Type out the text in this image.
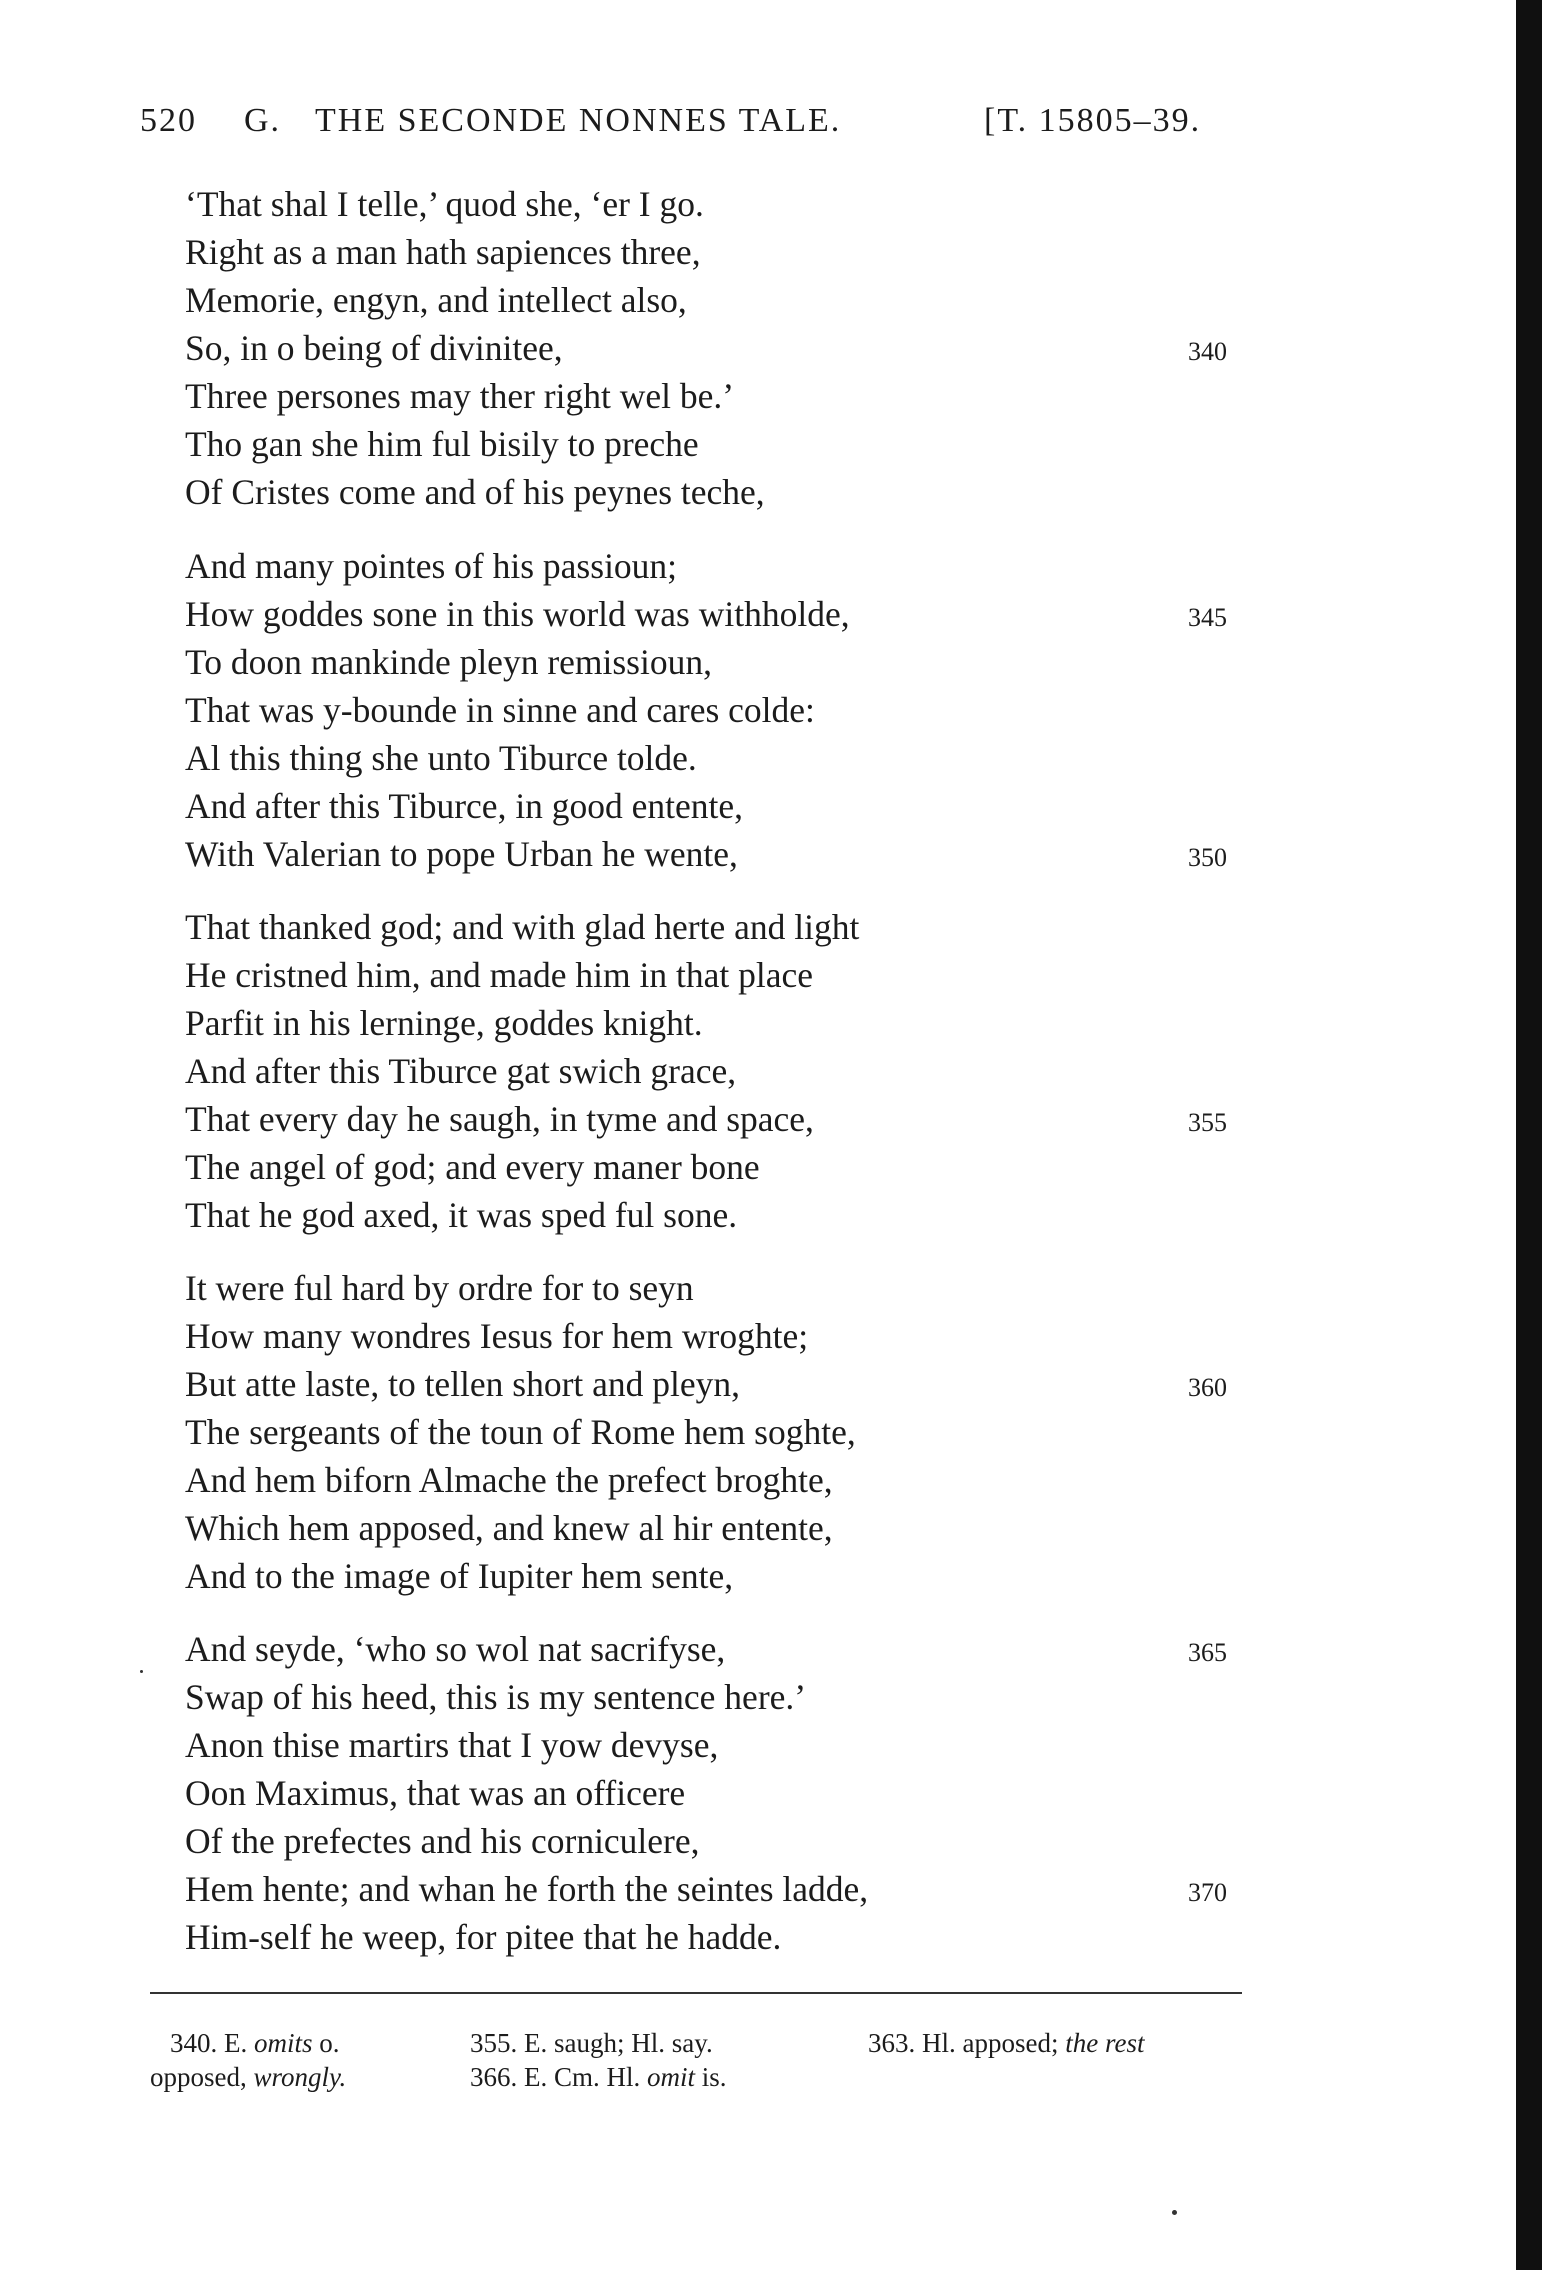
520 G. THE SECONDE NONNES TALE.	[T. 15805–39.
‘That shal I telle,’ quod she, ‘er I go.
Right as a man hath sapiences three,
Memorie, engyn, and intellect also,
So, in o being of divinitee,	340
Three persones may ther right wel be.’
Tho gan she him ful bisily to preche
Of Cristes come and of his peynes teche,
And many pointes of his passioun;
How goddes sone in this world was withholde,	345
To doon mankinde pleyn remissioun,
That was y-bounde in sinne and cares colde:
Al this thing she unto Tiburce tolde.
And after this Tiburce, in good entente,
With Valerian to pope Urban he wente,	350
That thanked god; and with glad herte and light
He cristned him, and made him in that place
Parfit in his lerninge, goddes knight.
And after this Tiburce gat swich grace,
That every day he saugh, in tyme and space,	355
The angel of god; and every maner bone
That he god axed, it was sped ful sone.
It were ful hard by ordre for to seyn
How many wondres Iesus for hem wroghte;
But atte laste, to tellen short and pleyn,	360
The sergeants of the toun of Rome hem soghte,
And hem biforn Almache the prefect broghte,
Which hem apposed, and knew al hir entente,
And to the image of Iupiter hem sente,
And seyde, ‘who so wol nat sacrifyse,	365
Swap of his heed, this is my sentence here.’
Anon thise martirs that I yow devyse,
Oon Maximus, that was an officere
Of the prefectes and his corniculere,
Hem hente; and whan he forth the seintes ladde,	370
Him-self he weep, for pitee that he hadde.
340. E. omits o.
opposed, wrongly.
355. E. saugh; Hl. say.
366. E. Cm. Hl. omit is.
363. Hl. apposed; the rest
